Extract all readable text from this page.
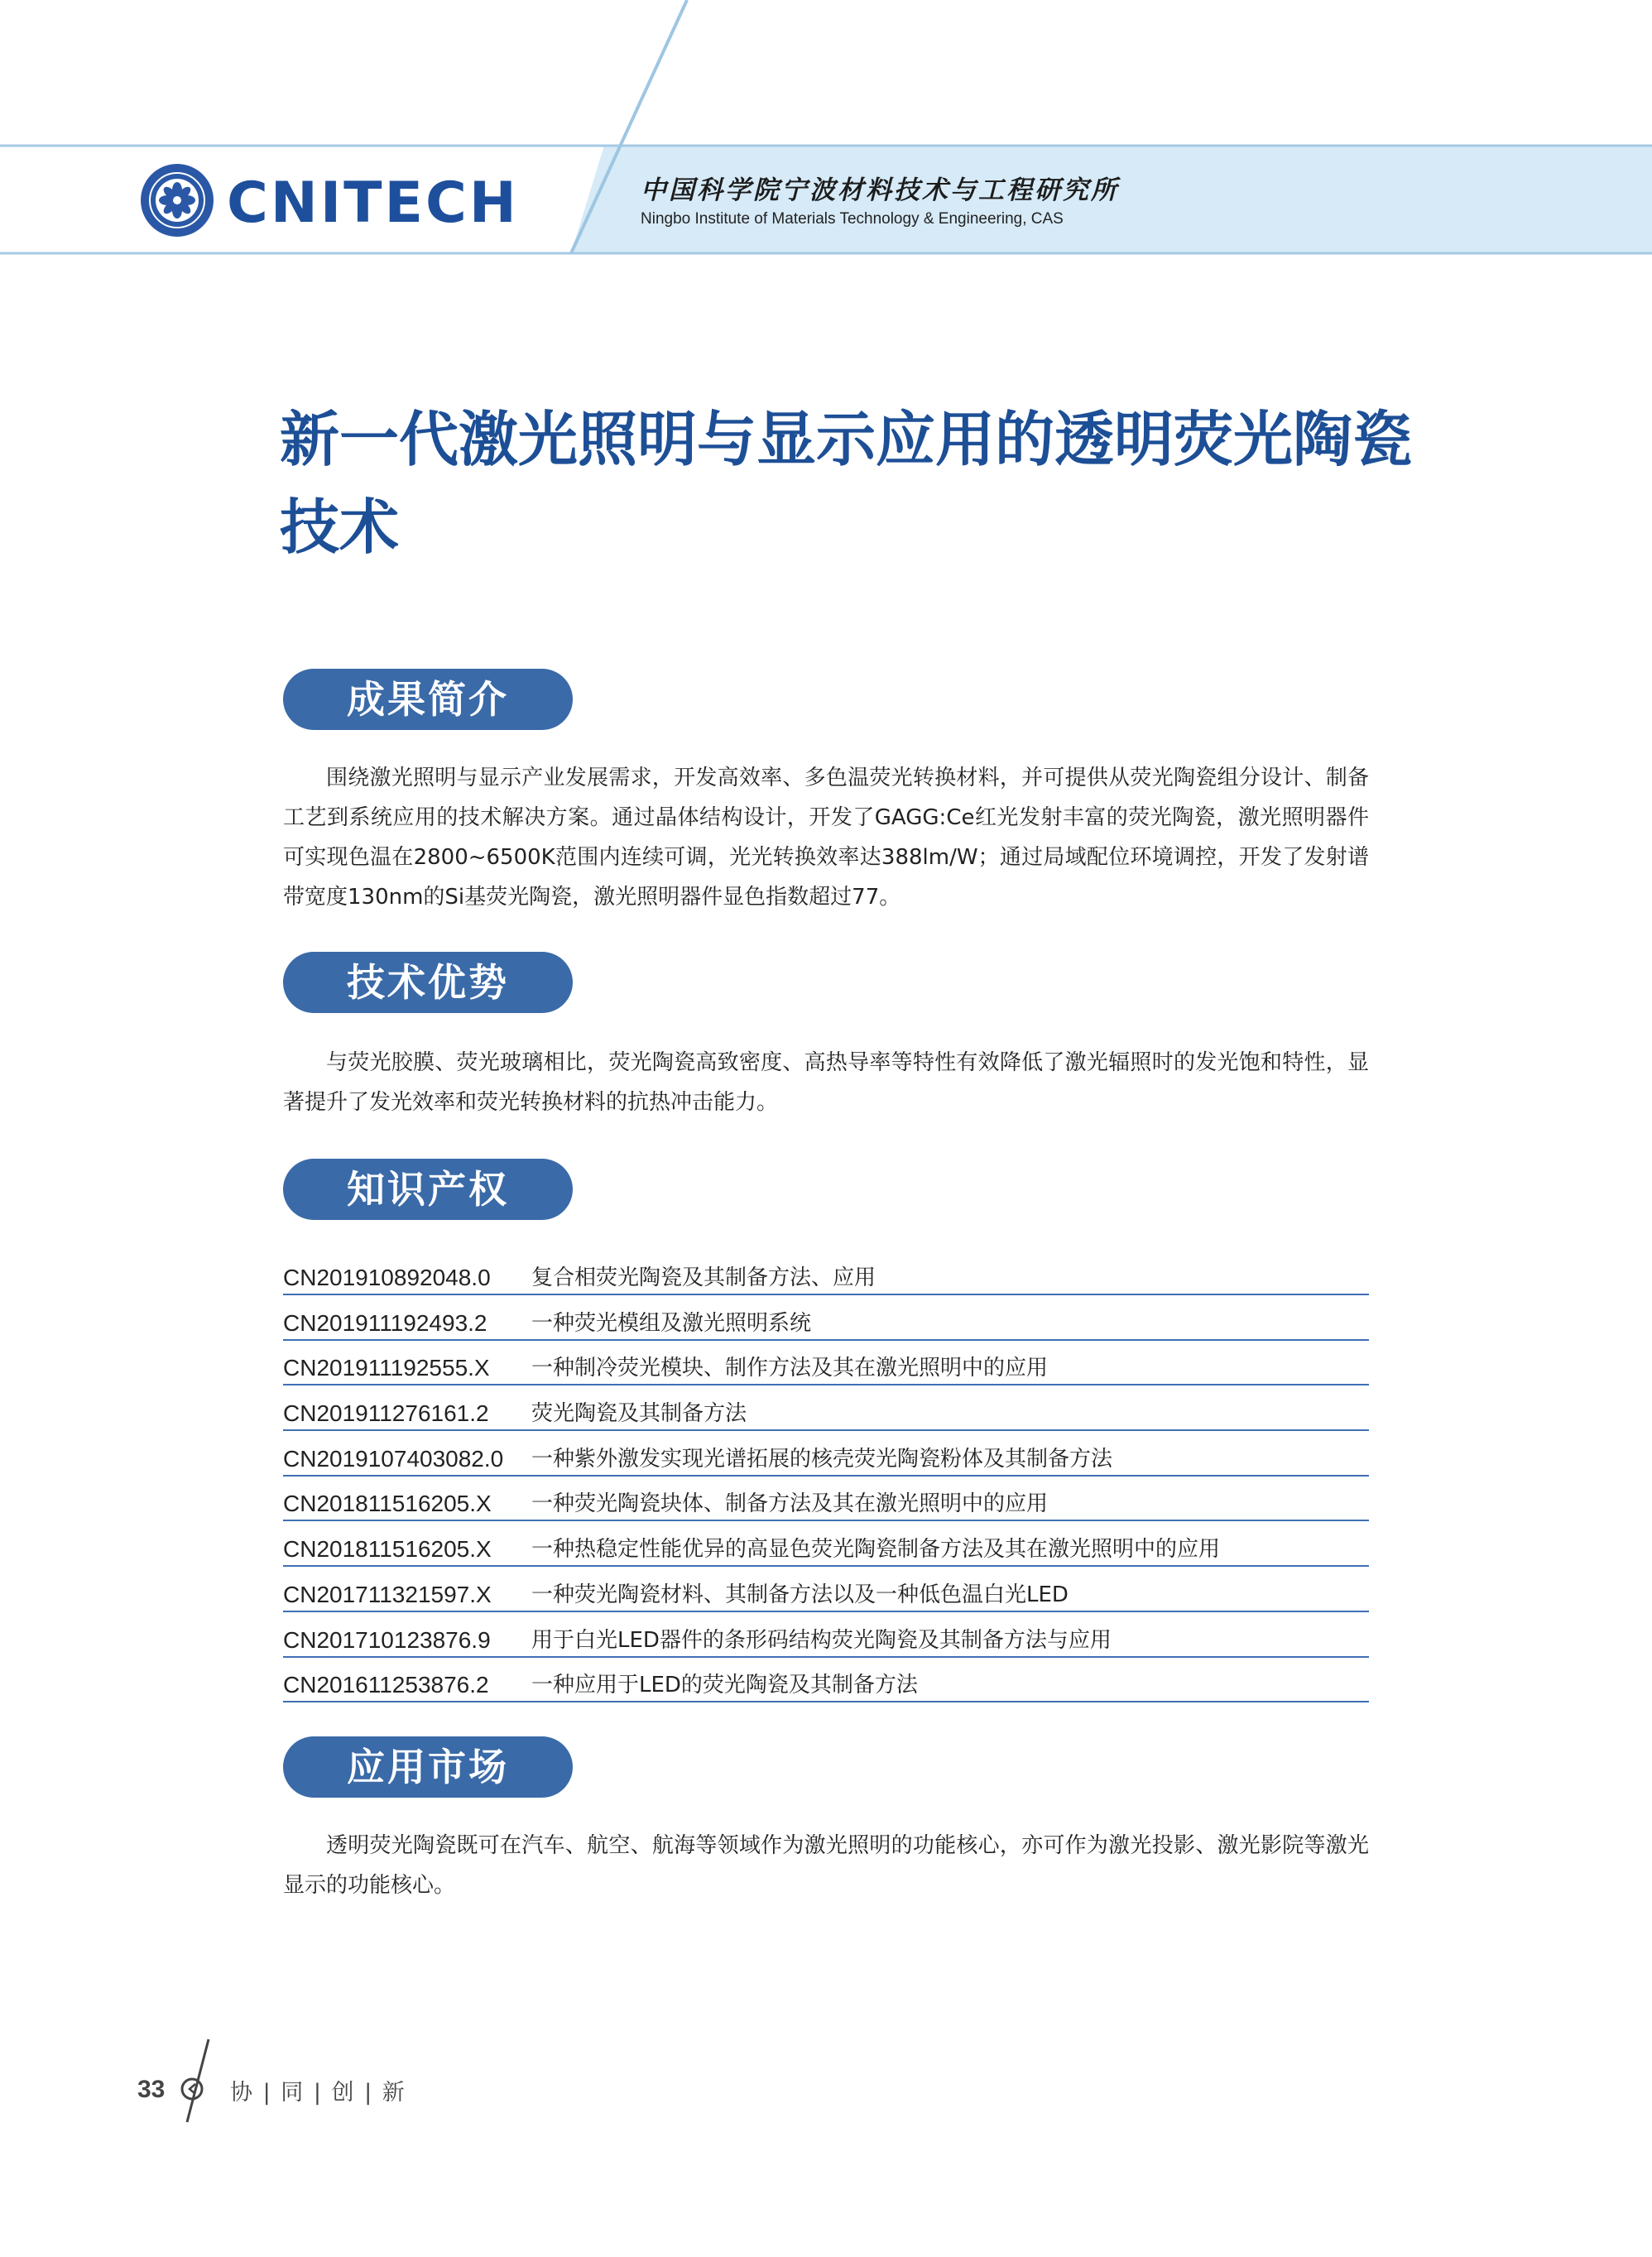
CNITECH	中国科学院宁波材料技术与工程研究所
Ningbo Institute of Materials Technology & Engineering, CAS
新一代激光照明与显示应用的透明荧光陶瓷技术
成果简介

围绕激光照明与显示产业发展需求，开发高效率、多色温荧光转换材料，并可提供从荧光陶瓷组分设计、制备工艺到系统应用的技术解决方案。通过晶体结构设计，开发了GAGG:Ce红光发射丰富的荧光陶瓷，激光照明器件可实现色温在2800~6500K范围内连续可调，光光转换效率达388lm/W；通过局域配位环境调控，开发了发射谱带宽度130nm的Si基荧光陶瓷，激光照明器件显色指数超过77。

技术优势

与荧光胶膜、荧光玻璃相比，荧光陶瓷高致密度、高热导率等特性有效降低了激光辐照时的发光饱和特性，显著提升了发光效率和荧光转换材料的抗热冲击能力。

知识产权
CN201910892048.0	复合相荧光陶瓷及其制备方法、应用
CN201911192493.2	一种荧光模组及激光照明系统
CN201911192555.X	一种制冷荧光模块、制作方法及其在激光照明中的应用
CN201911276161.2	荧光陶瓷及其制备方法
CN2019107403082.0	一种紫外激发实现光谱拓展的核壳荧光陶瓷粉体及其制备方法
CN201811516205.X	一种荧光陶瓷块体、制备方法及其在激光照明中的应用
CN201811516205.X	一种热稳定性能优异的高显色荧光陶瓷制备方法及其在激光照明中的应用
CN201711321597.X	一种荧光陶瓷材料、其制备方法以及一种低色温白光LED
CN201710123876.9	用于白光LED器件的条形码结构荧光陶瓷及其制备方法与应用
CN201611253876.2	一种应用于LED的荧光陶瓷及其制备方法
应用市场

透明荧光陶瓷既可在汽车、航空、航海等领域作为激光照明的功能核心，亦可作为激光投影、激光影院等激光显示的功能核心。

33	协 | 同 | 创 | 新
